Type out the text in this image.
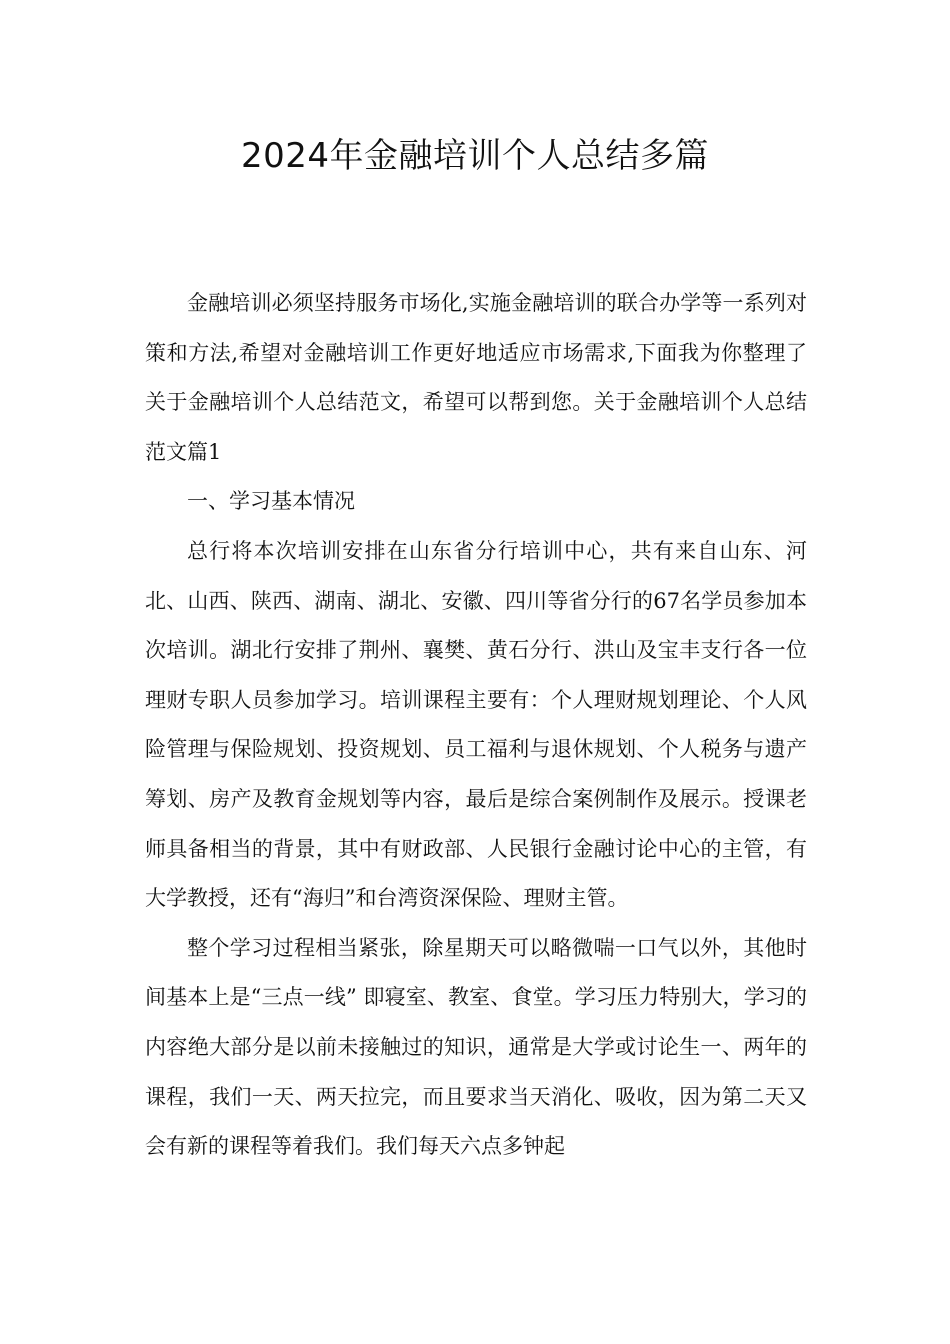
2024年金融培训个人总结多篇

金融培训必须坚持服务市场化,实施金融培训的联合办学等一系列对策和方法,希望对金融培训工作更好地适应市场需求,下面我为你整理了关于金融培训个人总结范文，希望可以帮到您。关于金融培训个人总结范文篇1

一、学习基本情况

总行将本次培训安排在山东省分行培训中心，共有来自山东、河北、山西、陕西、湖南、湖北、安徽、四川等省分行的67名学员参加本次培训。湖北行安排了荆州、襄樊、黄石分行、洪山及宝丰支行各一位理财专职人员参加学习。培训课程主要有：个人理财规划理论、个人风险管理与保险规划、投资规划、员工福利与退休规划、个人税务与遗产筹划、房产及教育金规划等内容，最后是综合案例制作及展示。授课老师具备相当的背景，其中有财政部、人民银行金融讨论中心的主管，有大学教授，还有“海归”和台湾资深保险、理财主管。

整个学习过程相当紧张，除星期天可以略微喘一口气以外，其他时间基本上是“三点一线” 即寝室、教室、食堂。学习压力特别大，学习的内容绝大部分是以前未接触过的知识，通常是大学或讨论生一、两年的课程，我们一天、两天拉完，而且要求当天消化、吸收，因为第二天又会有新的课程等着我们。我们每天六点多钟起
